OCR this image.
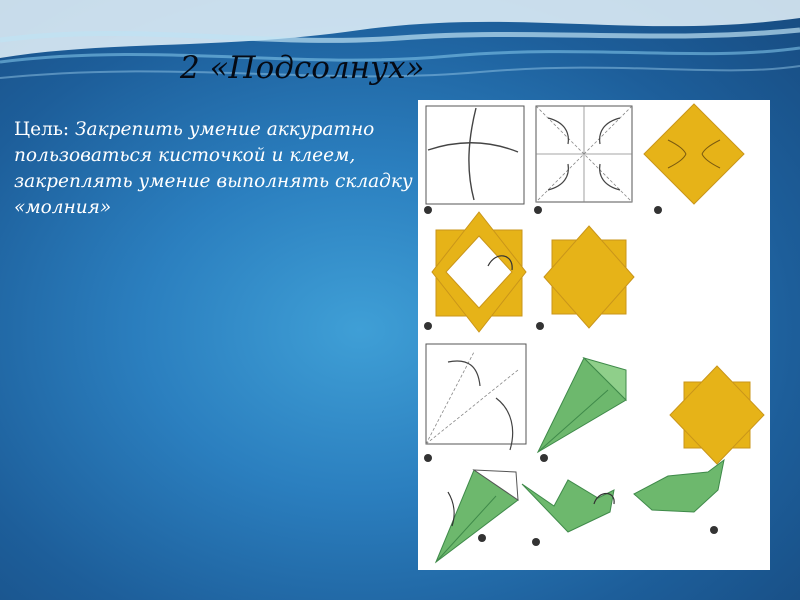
2 «Подсолнух»
Цель: Закрепить умение аккуратно пользоваться кисточкой и клеем, закреплять умение выполнять складку «молния»
